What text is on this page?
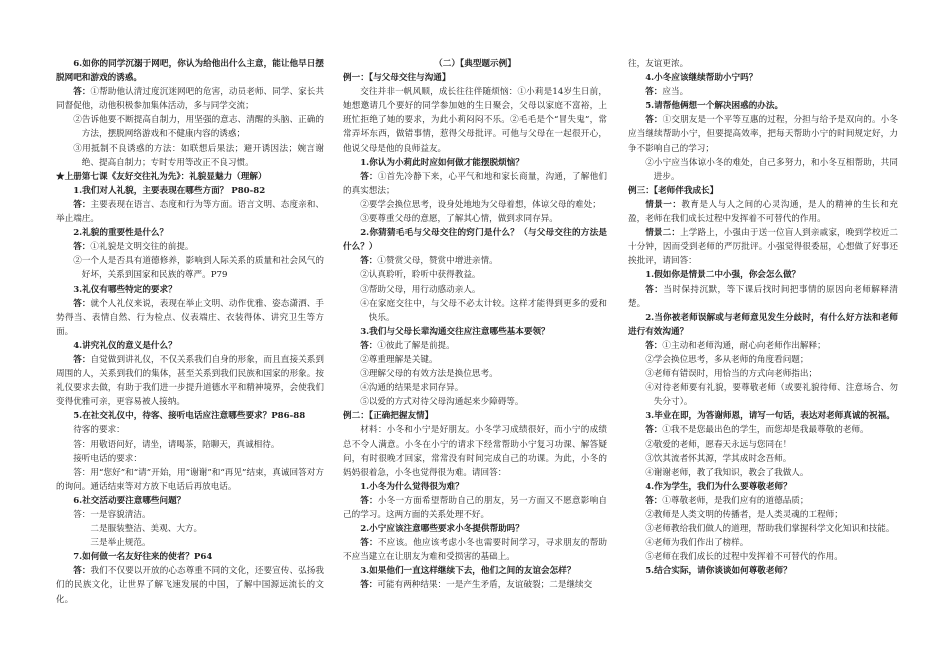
6.如你的同学沉溺于网吧，你认为给他出什么主意，能让他早日摆脱网吧和游戏的诱惑。

答：①帮助他认清过度沉迷网吧的危害，动员老师、同学、家长共同督促他，动他积极参加集体活动，多与同学交流；

②告诉他要不断提高自制力，用坚强的意志、清醒的头脑、正确的方法，摆脱网络游戏和不健康内容的诱惑；

③用抵制不良诱惑的方法：如联想后果法；避开诱因法；婉言谢绝、提高自制力；专时专用等改正不良习惯。

★上册第七课《友好交往礼为先》：礼貌显魅力（理解）

1.我们对人礼貌，主要表现在哪些方面？ P80-82

答：主要表现在语言、态度和行为等方面。语言文明、态度亲和、举止端庄。

2.礼貌的重要性是什么？

答：①礼貌是文明交往的前提。

②一个人是否具有道德修养，影响到人际关系的质量和社会风气的好坏，关系到国家和民族的尊严。P79

3.礼仪有哪些特定的要求？

答：就个人礼仪来说，表现在举止文明、动作优雅、姿态潇洒、手势得当、表情自然、行为检点、仪表端庄、衣装得体、讲究卫生等方面。

4.讲究礼仪的意义是什么？

答：自觉做到讲礼仪，不仅关系我们自身的形象，而且直接关系到周围的人，关系到我们的集体，甚至关系到我们民族和国家的形象。按礼仪要求去做，有助于我们进一步提升道德水平和精神境界，会使我们变得优雅可亲，更容易被人接纳。

5.在社交礼仪中，待客、接听电话应注意哪些要求？P86-88

待客的要求：

答：用敬语问好，请坐，请喝茶，陪聊天，真诚相待。

接听电话的要求：

答：用“您好”和“请”开始，用“谢谢”和“再见”结束，真诚回答对方的询问。通话结束等对方放下电话后再放电话。

6.社交活动要注意哪些问题？

答：一是容貌清洁。

二是服装整洁、美观、大方。

三是举止规范。

7.如何做一名友好往来的使者？P64

答：我们不仅要以开放的心态尊重不同的文化，还要宣传、弘扬我们的民族文化，让世界了解飞速发展的中国，了解中国源远流长的文化。

（二）【典型题示例】

例一：【与父母交往与沟通】

交往并非一帆风顺，成长往往伴随烦恼：①小莉是14岁生日前，她想邀请几个要好的同学参加她的生日聚会，父母以家庭不富裕，上班忙拒绝了她的要求，为此小莉闷闷不乐。②毛毛是个“冒失鬼”，常常弄坏东西，做错事情，惹得父母批评。可他与父母在一起很开心，他说父母是他的良师益友。

1.你认为小莉此时应如何做才能摆脱烦恼？

答：①首先冷静下来，心平气和地和家长商量，沟通，了解他们的真实想法；

②要学会换位思考，设身处地地为父母着想，体谅父母的难处；

③要尊重父母的意愿，了解其心情，做到求同存异。

2.你猜猜毛毛与父母交往的窍门是什么？（与父母交往的方法是什么？）

答：①赞赏父母，赞赏中增进亲情。

②认真聆听，聆听中获得教益。

③帮助父母，用行动感动亲人。

④在家庭交往中，与父母不必太计较。这样才能得到更多的爱和快乐。

3.我们与父母长辈沟通交往应注意哪些基本要领？

答：①彼此了解是前提。

②尊重理解是关键。

③理解父母的有效方法是换位思考。

④沟通的结果是求同存异。

⑤以爱的方式对待父母沟通起来少障碍等。

例二：【正确把握友情】

材料：小冬和小宁是好朋友。小冬学习成绩很好，而小宁的成绩总不令人满意。小冬在小宁的请求下经常帮助小宁复习功课、解答疑问，有时很晚才回家，常常没有时间完成自己的功课。为此，小冬的妈妈很着急，小冬也觉得很为难。请回答：

1.小冬为什么觉得很为难？

答：小冬一方面希望帮助自己的朋友，另一方面又不愿意影响自己的学习。这两方面的关系处理不好。

2.小宁应该注意哪些要求小冬提供帮助吗？

答：不应该。他应该考虑小冬也需要时间学习，寻求朋友的帮助不应当建立在让朋友为难和受损害的基础上。

3.如果他们一直这样继续下去，他们之间的友谊会怎样？

答：可能有两种结果：一是产生矛盾，友谊破裂；二是继续交

往，友谊更浓。

4.小冬应该继续帮助小宁吗？

答：应当。

5.请帮他俩想一个解决困惑的办法。

答：①交朋友是一个平等互惠的过程，分担与给予是双向的。小冬应当继续帮助小宁，但要提高效率，把每天帮助小宁的时间规定好，力争不影响自己的学习；

②小宁应当体谅小冬的难处，自己多努力，和小冬互相帮助，共同进步。

例三：【老师伴我成长】

情景一：教育是人与人之间的心灵沟通，是人的精神的生长和充盈，老师在我们成长过程中发挥着不可替代的作用。

情景二：上学路上，小强由于送一位盲人到亲戚家，晚到学校近二十分钟，因而受到老师的严厉批评。小强觉得很委屈，心想做了好事还挨批评，请回答：

1.假如你是情景二中小强，你会怎么做？

答：当时保持沉默，等下课后找时间把事情的原因向老师解释清楚。

2.当你被老师误解或与老师意见发生分歧时，有什么好方法和老师进行有效沟通？

答：①主动和老师沟通，耐心向老师作出解释；

②学会换位思考，多从老师的角度看问题；

③老师有错误时，用恰当的方式向老师指出；

④对待老师要有礼貌，要尊敬老师（或要礼貌待师、注意场合、勿失分寸）。

3.毕业在即，为答谢师恩，请写一句话，表达对老师真诚的祝福。

答：①我不是您最出色的学生，而您却是我最尊敬的老师。

②敬爱的老师，愿春天永远与您同在！

③饮其流者怀其源，学其成时念吾师。

④谢谢老师，教了我知识，教会了我做人。

4.作为学生，我们为什么要尊敬老师？

答：①尊敬老师，是我们应有的道德品质；

②教师是人类文明的传播者，是人类灵魂的工程师；

③老师教给我们做人的道理，帮助我们掌握科学文化知识和技能。

④老师为我们作出了榜样。

⑤老师在我们成长的过程中发挥着不可替代的作用。

5.结合实际，请你谈谈如何尊敬老师？
